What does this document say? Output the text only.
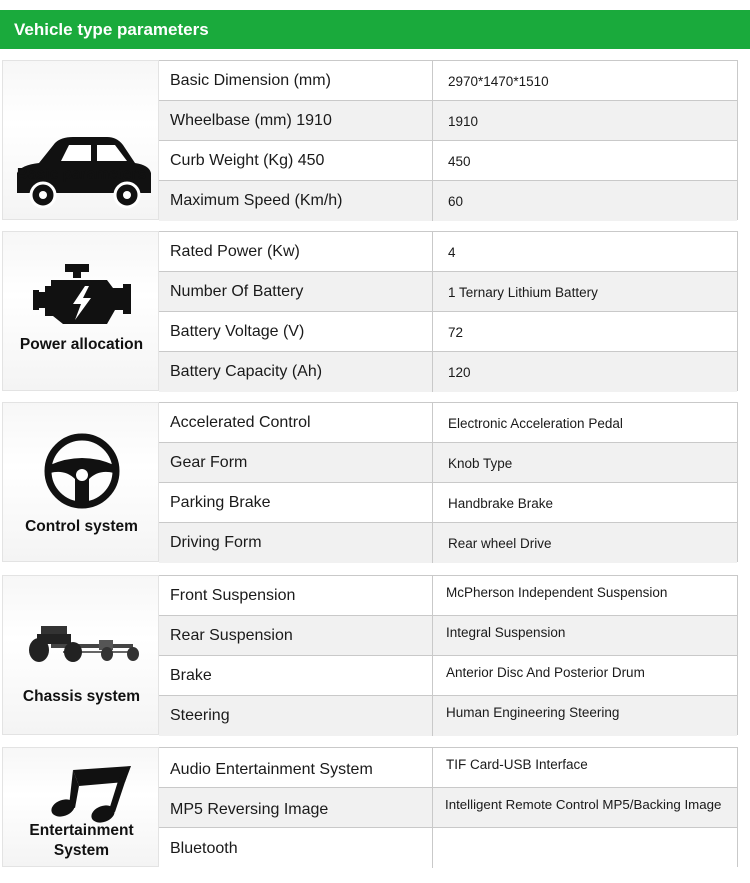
Vehicle type parameters
Basic parameters
Basic Dimension (mm)	2970*1470*1510
Wheelbase (mm) 1910	1910
Curb Weight (Kg) 450	450
Maximum Speed (Km/h)	60
Power allocation
Rated Power (Kw)	4
Number Of Battery	1 Ternary Lithium Battery
Battery Voltage (V)	72
Battery Capacity (Ah)	120
Control system
Accelerated Control	Electronic Acceleration Pedal
Gear Form	Knob Type
Parking Brake	Handbrake Brake
Driving Form	Rear wheel Drive
Chassis system
Front Suspension	McPherson Independent Suspension
Rear Suspension	Integral Suspension
Brake	Anterior Disc And Posterior Drum
Steering	Human Engineering Steering
Entertainment
System
Audio Entertainment System	TIF Card-USB Interface
MP5 Reversing Image	Intelligent Remote Control MP5/Backing Image
Bluetooth
